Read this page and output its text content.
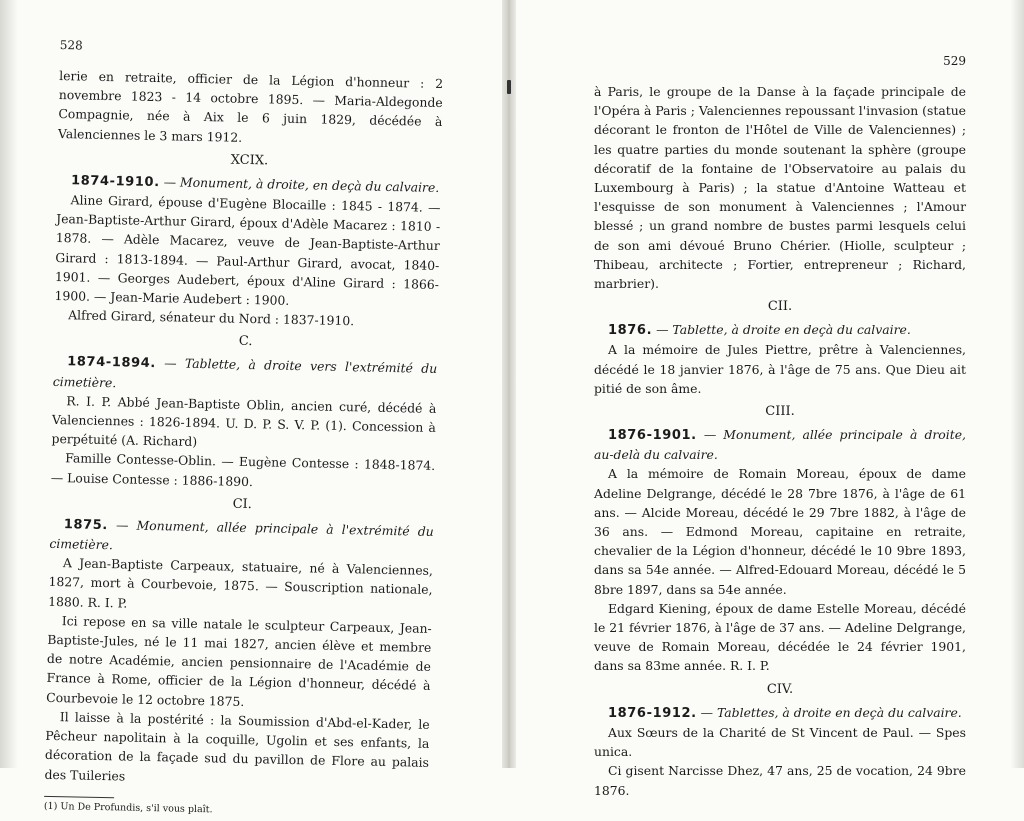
528

lerie en retraite, officier de la Légion d'honneur : 2 novembre 1823 - 14 octobre 1895. — Maria-Aldegonde Compagnie, née à Aix le 6 juin 1829, décédée à Valenciennes le 3 mars 1912.

XCIX.

1874-1910. — Monument, à droite, en deçà du calvaire.

Aline Girard, épouse d'Eugène Blocaille : 1845 - 1874. — Jean-Baptiste-Arthur Girard, époux d'Adèle Macarez : 1810 - 1878. — Adèle Macarez, veuve de Jean-Baptiste-Arthur Girard : 1813-1894. — Paul-Arthur Girard, avocat, 1840-1901. — Georges Audebert, époux d'Aline Girard : 1866-1900. — Jean-Marie Audebert : 1900.

Alfred Girard, sénateur du Nord : 1837-1910.

C.

1874-1894. — Tablette, à droite vers l'extrémité du cimetière.

R. I. P. Abbé Jean-Baptiste Oblin, ancien curé, décédé à Valenciennes : 1826-1894. U. D. P. S. V. P. (1). Concession à perpétuité (A. Richard)

Famille Contesse-Oblin. — Eugène Contesse : 1848-1874. — Louise Contesse : 1886-1890.

CI.

1875. — Monument, allée principale à l'extrémité du cimetière.

A Jean-Baptiste Carpeaux, statuaire, né à Valenciennes, 1827, mort à Courbevoie, 1875. — Souscription nationale, 1880. R. I. P.

Ici repose en sa ville natale le sculpteur Carpeaux, Jean-Baptiste-Jules, né le 11 mai 1827, ancien élève et membre de notre Académie, ancien pensionnaire de l'Académie de France à Rome, officier de la Légion d'honneur, décédé à Courbevoie le 12 octobre 1875.

Il laisse à la postérité : la Soumission d'Abd-el-Kader, le Pêcheur napolitain à la coquille, Ugolin et ses enfants, la décoration de la façade sud du pavillon de Flore au palais des Tuileries

(1) Un De Profundis, s'il vous plaît.
529

à Paris, le groupe de la Danse à la façade principale de l'Opéra à Paris ; Valenciennes repoussant l'invasion (statue décorant le fronton de l'Hôtel de Ville de Valenciennes) ; les quatre parties du monde soutenant la sphère (groupe décoratif de la fontaine de l'Observatoire au palais du Luxembourg à Paris) ; la statue d'Antoine Watteau et l'esquisse de son monument à Valenciennes ; l'Amour blessé ; un grand nombre de bustes parmi lesquels celui de son ami dévoué Bruno Chérier. (Hiolle, sculpteur ; Thibeau, architecte ; Fortier, entrepreneur ; Richard, marbrier).

CII.

1876. — Tablette, à droite en deçà du calvaire.

A la mémoire de Jules Piettre, prêtre à Valenciennes, décédé le 18 janvier 1876, à l'âge de 75 ans. Que Dieu ait pitié de son âme.

CIII.

1876-1901. — Monument, allée principale à droite, au-delà du calvaire.

A la mémoire de Romain Moreau, époux de dame Adeline Delgrange, décédé le 28 7bre 1876, à l'âge de 61 ans. — Alcide Moreau, décédé le 29 7bre 1882, à l'âge de 36 ans. — Edmond Moreau, capitaine en retraite, chevalier de la Légion d'honneur, décédé le 10 9bre 1893, dans sa 54e année. — Alfred-Edouard Moreau, décédé le 5 8bre 1897, dans sa 54e année.

Edgard Kiening, époux de dame Estelle Moreau, décédé le 21 février 1876, à l'âge de 37 ans. — Adeline Delgrange, veuve de Romain Moreau, décédée le 24 février 1901, dans sa 83me année. R. I. P.

CIV.

1876-1912. — Tablettes, à droite en deçà du calvaire.

Aux Sœurs de la Charité de St Vincent de Paul. — Spes unica.

Ci gisent Narcisse Dhez, 47 ans, 25 de vocation, 24 9bre 1876.
